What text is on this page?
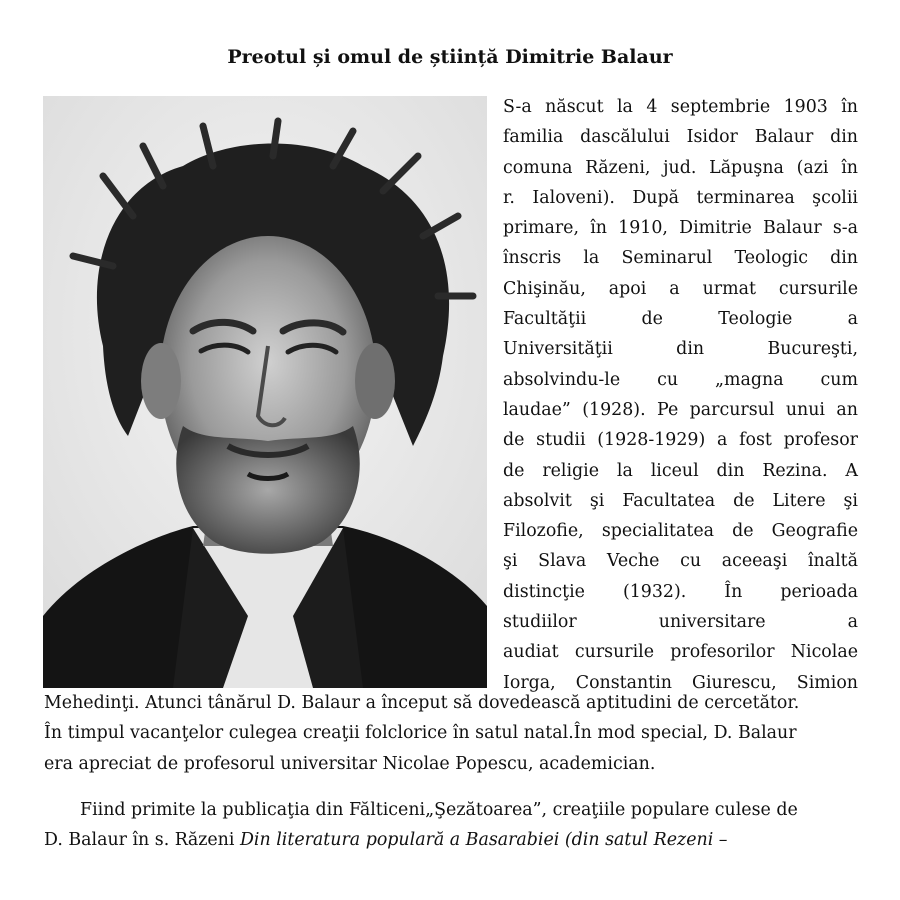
Preotul și omul de știință Dimitrie Balaur
S-a născut la 4 septembrie 1903 în
familia dascălului Isidor Balaur din
comuna Răzeni, jud. Lăpuşna (azi în
r. Ialoveni). După terminarea şcolii
primare, în 1910, Dimitrie Balaur s-a
înscris la Seminarul Teologic din
Chişinău, apoi a urmat cursurile
Facultăţii de Teologie a
Universităţii din Bucureşti,
absolvindu-le cu „magna cum
laudae” (1928). Pe parcursul unui an
de studii (1928-1929) a fost profesor
de religie la liceul din Rezina. A
absolvit şi Facultatea de Litere şi
Filozofie, specialitatea de Geografie
şi Slava Veche cu aceeaşi înaltă
distincţie (1932). În perioada
studiilor universitare a
audiat cursurile profesorilor Nicolae
Iorga, Constantin Giurescu, Simion
Mehedinţi. Atunci tânărul D. Balaur a început să dovedească aptitudini de cercetător.
În timpul vacanţelor culegea creaţii folclorice în satul natal.În mod special, D. Balaur
era apreciat de profesorul universitar Nicolae Popescu, academician.
Fiind primite la publicaţia din Fălticeni„Şezătoarea”, creaţiile populare culese de
D. Balaur în s. Răzeni Din literatura populară a Basarabiei (din satul Rezeni –
